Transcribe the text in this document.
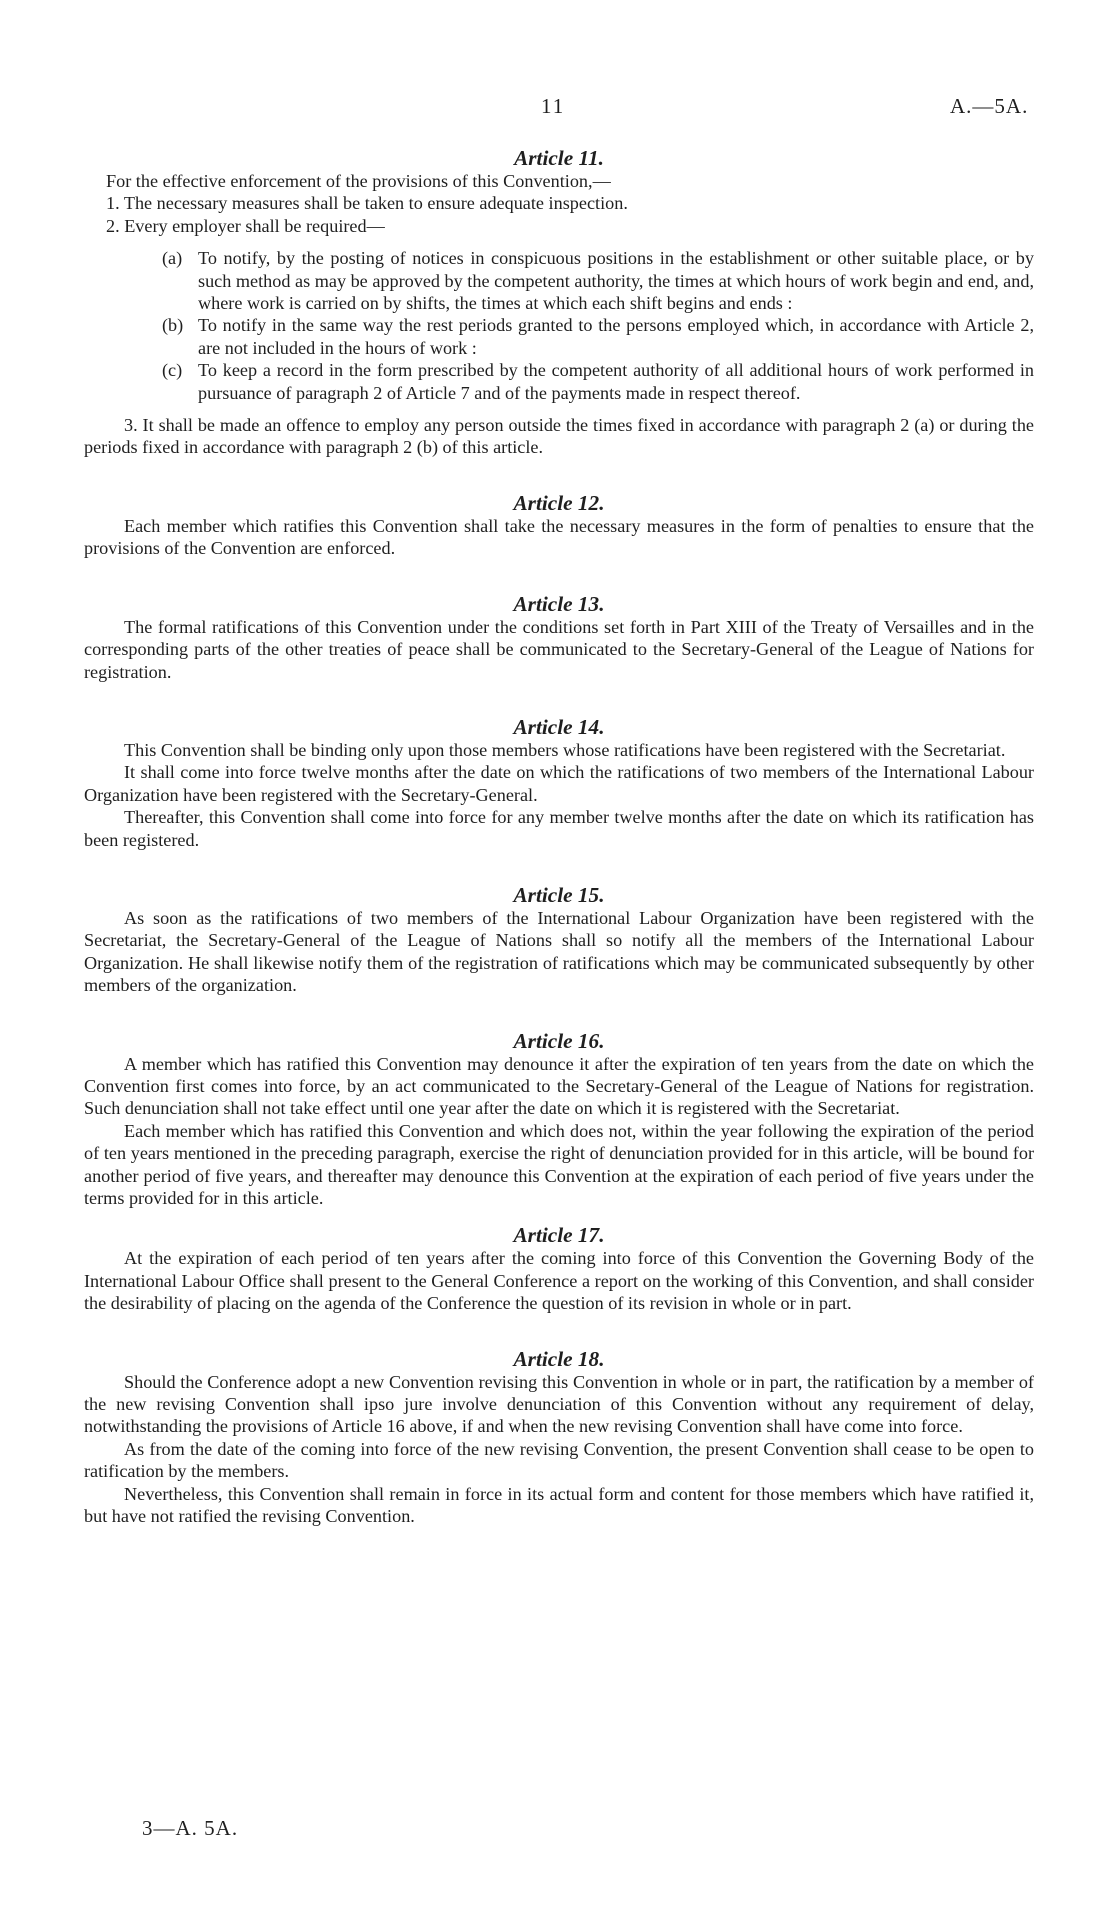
11	A.—5A.
Article 11.

For the effective enforcement of the provisions of this Convention,—

1. The necessary measures shall be taken to ensure adequate inspection.

2. Every employer shall be required—

(a) To notify, by the posting of notices in conspicuous positions in the establishment or other suitable place, or by such method as may be approved by the competent authority, the times at which hours of work begin and end, and, where work is carried on by shifts, the times at which each shift begins and ends :
(b) To notify in the same way the rest periods granted to the persons employed which, in accordance with Article 2, are not included in the hours of work :
(c) To keep a record in the form prescribed by the competent authority of all additional hours of work performed in pursuance of paragraph 2 of Article 7 and of the payments made in respect thereof.

3. It shall be made an offence to employ any person outside the times fixed in accordance with paragraph 2 (a) or during the periods fixed in accordance with paragraph 2 (b) of this article.

Article 12.

Each member which ratifies this Convention shall take the necessary measures in the form of penalties to ensure that the provisions of the Convention are enforced.

Article 13.

The formal ratifications of this Convention under the conditions set forth in Part XIII of the Treaty of Versailles and in the corresponding parts of the other treaties of peace shall be communicated to the Secretary-General of the League of Nations for registration.

Article 14.

This Convention shall be binding only upon those members whose ratifications have been registered with the Secretariat.

It shall come into force twelve months after the date on which the ratifications of two members of the International Labour Organization have been registered with the Secretary-General.

Thereafter, this Convention shall come into force for any member twelve months after the date on which its ratification has been registered.

Article 15.

As soon as the ratifications of two members of the International Labour Organization have been registered with the Secretariat, the Secretary-General of the League of Nations shall so notify all the members of the International Labour Organization. He shall likewise notify them of the registration of ratifications which may be communicated subsequently by other members of the organization.

Article 16.

A member which has ratified this Convention may denounce it after the expiration of ten years from the date on which the Convention first comes into force, by an act communicated to the Secretary-General of the League of Nations for registration. Such denunciation shall not take effect until one year after the date on which it is registered with the Secretariat.

Each member which has ratified this Convention and which does not, within the year following the expiration of the period of ten years mentioned in the preceding paragraph, exercise the right of denunciation provided for in this article, will be bound for another period of five years, and thereafter may denounce this Convention at the expiration of each period of five years under the terms provided for in this article.

Article 17.

At the expiration of each period of ten years after the coming into force of this Convention the Governing Body of the International Labour Office shall present to the General Conference a report on the working of this Convention, and shall consider the desirability of placing on the agenda of the Conference the question of its revision in whole or in part.

Article 18.

Should the Conference adopt a new Convention revising this Convention in whole or in part, the ratification by a member of the new revising Convention shall ipso jure involve denunciation of this Convention without any requirement of delay, notwithstanding the provisions of Article 16 above, if and when the new revising Convention shall have come into force.

As from the date of the coming into force of the new revising Convention, the present Convention shall cease to be open to ratification by the members.

Nevertheless, this Convention shall remain in force in its actual form and content for those members which have ratified it, but have not ratified the revising Convention.

3—A. 5A.
